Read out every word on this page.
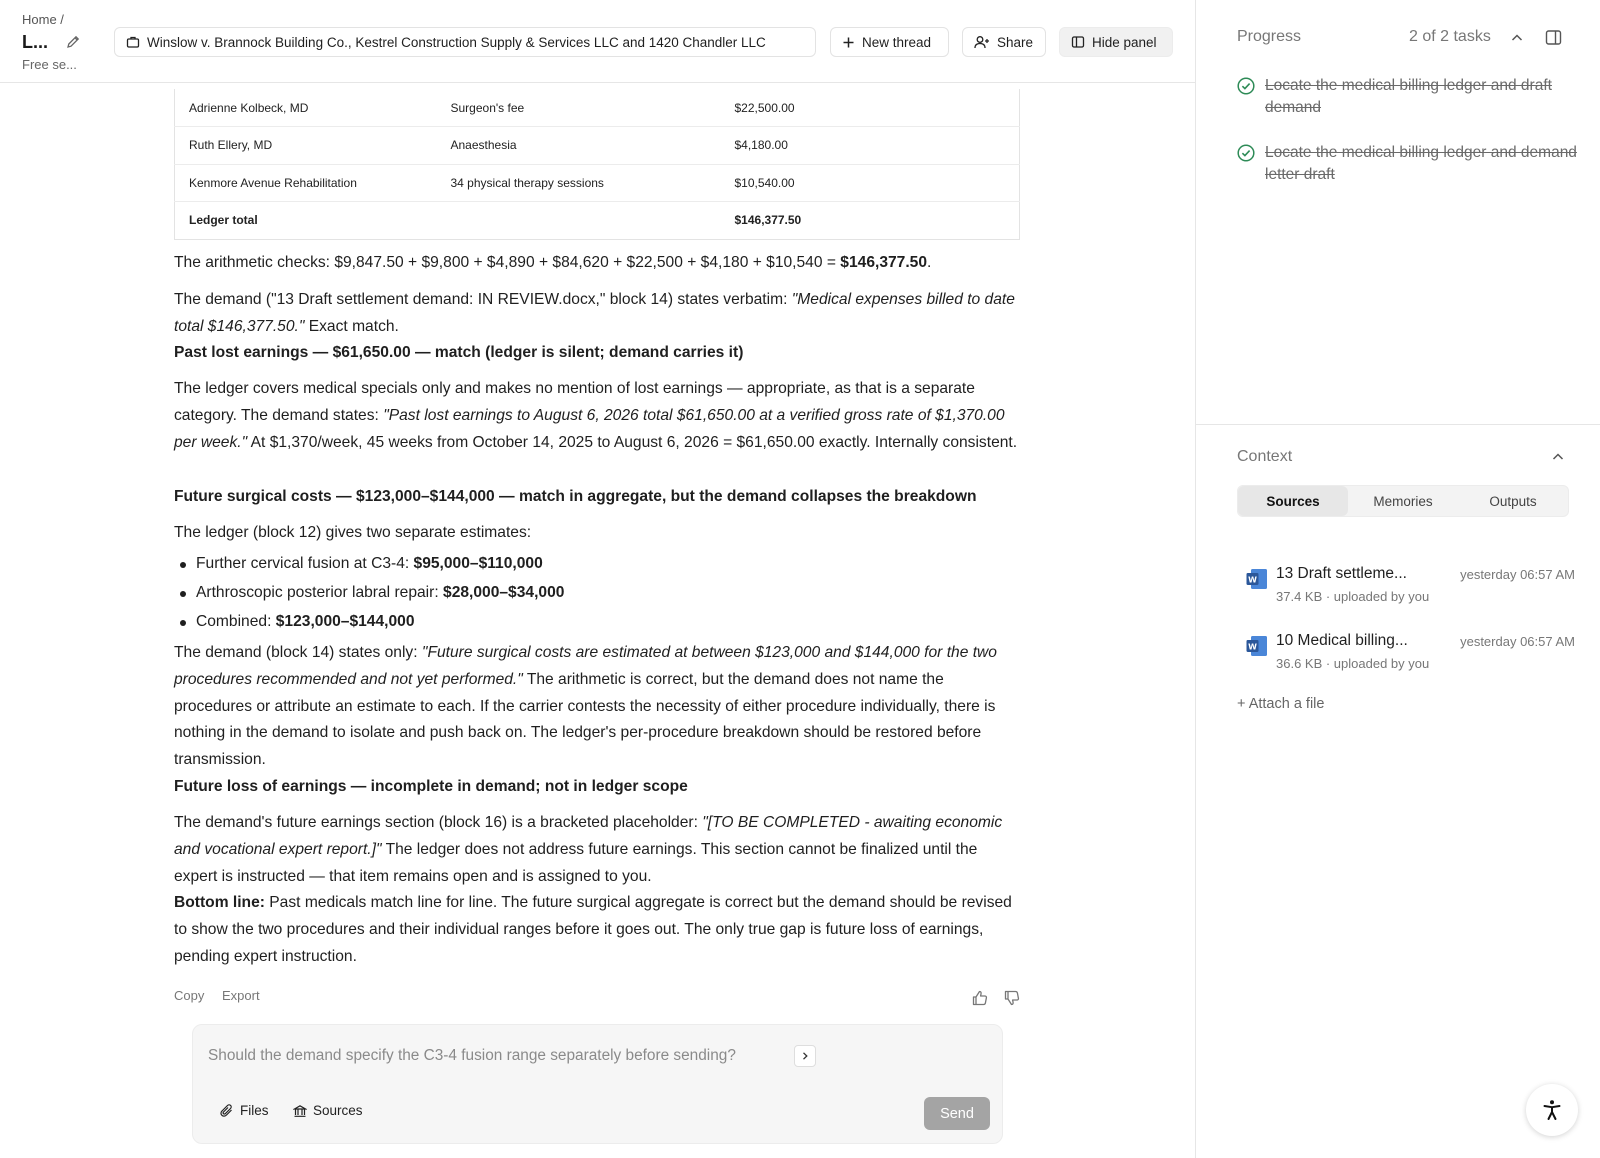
Home /
L...
Free se...
Winslow v. Brannock Building Co., Kestrel Construction Supply & Services LLC and 1420 Chandler LLC	New thread	Share	Hide panel
Adrienne Kolbeck, MD	Surgeon's fee	$22,500.00
Ruth Ellery, MD	Anaesthesia	$4,180.00
Kenmore Avenue Rehabilitation	34 physical therapy sessions	$10,540.00
Ledger total		$146,377.50
The arithmetic checks: $9,847.50 + $9,800 + $4,890 + $84,620 + $22,500 + $4,180 + $10,540 = $146,377.50.
The demand ("13 Draft settlement demand: IN REVIEW.docx," block 14) states verbatim: "Medical expenses billed to date total $146,377.50." Exact match.
Past lost earnings — $61,650.00 — match (ledger is silent; demand carries it)
The ledger covers medical specials only and makes no mention of lost earnings — appropriate, as that is a separate category. The demand states: "Past lost earnings to August 6, 2026 total $61,650.00 at a verified gross rate of $1,370.00 per week." At $1,370/week, 45 weeks from October 14, 2025 to August 6, 2026 = $61,650.00 exactly. Internally consistent.
Future surgical costs — $123,000–$144,000 — match in aggregate, but the demand collapses the breakdown
The ledger (block 12) gives two separate estimates:
Further cervical fusion at C3-4: $95,000–$110,000
Arthroscopic posterior labral repair: $28,000–$34,000
Combined: $123,000–$144,000
The demand (block 14) states only: "Future surgical costs are estimated at between $123,000 and $144,000 for the two procedures recommended and not yet performed." The arithmetic is correct, but the demand does not name the procedures or attribute an estimate to each. If the carrier contests the necessity of either procedure individually, there is nothing in the demand to isolate and push back on. The ledger's per-procedure breakdown should be restored before transmission.
Future loss of earnings — incomplete in demand; not in ledger scope
The demand's future earnings section (block 16) is a bracketed placeholder: "[TO BE COMPLETED - awaiting economic and vocational expert report.]" The ledger does not address future earnings. This section cannot be finalized until the expert is instructed — that item remains open and is assigned to you.
Bottom line: Past medicals match line for line. The future surgical aggregate is correct but the demand should be revised to show the two procedures and their individual ranges before it goes out. The only true gap is future loss of earnings, pending expert instruction.
Copy Export
Should the demand specify the C3-4 fusion range separately before sending?
Files	Sources	Send
Progress	2 of 2 tasks
Locate the medical billing ledger and draft demand
Locate the medical billing ledger and demand letter draft
Context
Sources	Memories	Outputs
W 13 Draft settleme...	yesterday 06:57 AM
37.4 KB · uploaded by you
W 10 Medical billing...	yesterday 06:57 AM
36.6 KB · uploaded by you
+ Attach a file
